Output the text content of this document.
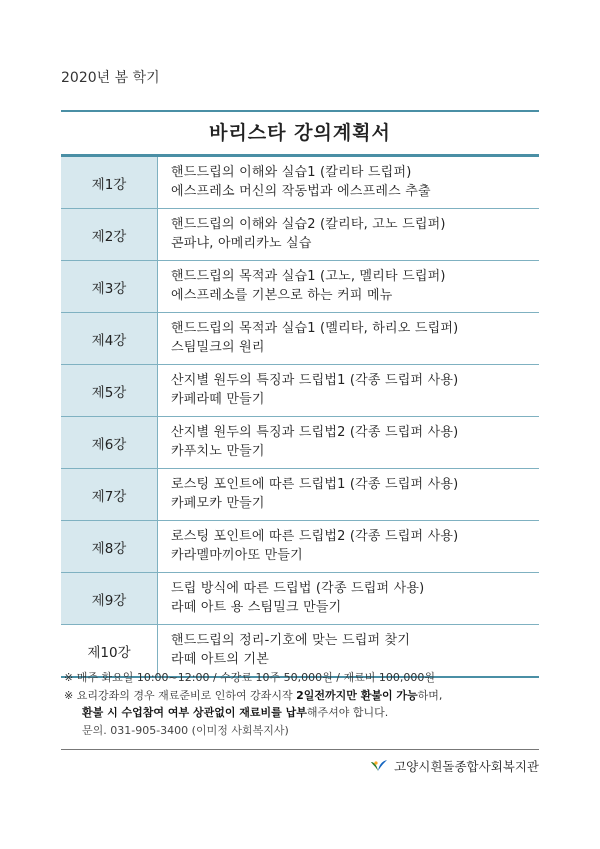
2020년 봄 학기
바리스타 강의계획서
제1강
핸드드립의 이해와 실습1 (칼리타 드립퍼)
에스프레소 머신의 작동법과 에스프레스 추출
제2강
핸드드립의 이해와 실습2 (칼리타, 고노 드립퍼)
콘파냐, 아메리카노 실습
제3강
핸드드립의 목적과 실습1 (고노, 멜리타 드립퍼)
에스프레소를 기본으로 하는 커피 메뉴
제4강
핸드드립의 목적과 실습1 (멜리타, 하리오 드립퍼)
스팀밀크의 원리
제5강
산지별 원두의 특징과 드립법1 (각종 드립퍼 사용)
카페라떼 만들기
제6강
산지별 원두의 특징과 드립법2 (각종 드립퍼 사용)
카푸치노 만들기
제7강
로스팅 포인트에 따른 드립법1 (각종 드립퍼 사용)
카페모카 만들기
제8강
로스팅 포인트에 따른 드립법2 (각종 드립퍼 사용)
카라멜마끼아또 만들기
제9강
드립 방식에 따른 드립법 (각종 드립퍼 사용)
라떼 아트 용 스팀밀크 만들기
제10강
핸드드립의 정리-기호에 맞는 드립퍼 찾기
라떼 아트의 기본
※ 매주 화요일 10:00~12:00 / 수강료 10주 50,000원 / 재료비 100,000원
※ 요리강좌의 경우 재료준비로 인하여 강좌시작 2일전까지만 환불이 가능하며,
환불 시 수업참여 여부 상관없이 재료비를 납부해주셔야 합니다.
문의. 031-905-3400 (이미정 사회복지사)
고양시흰돌종합사회복지관
